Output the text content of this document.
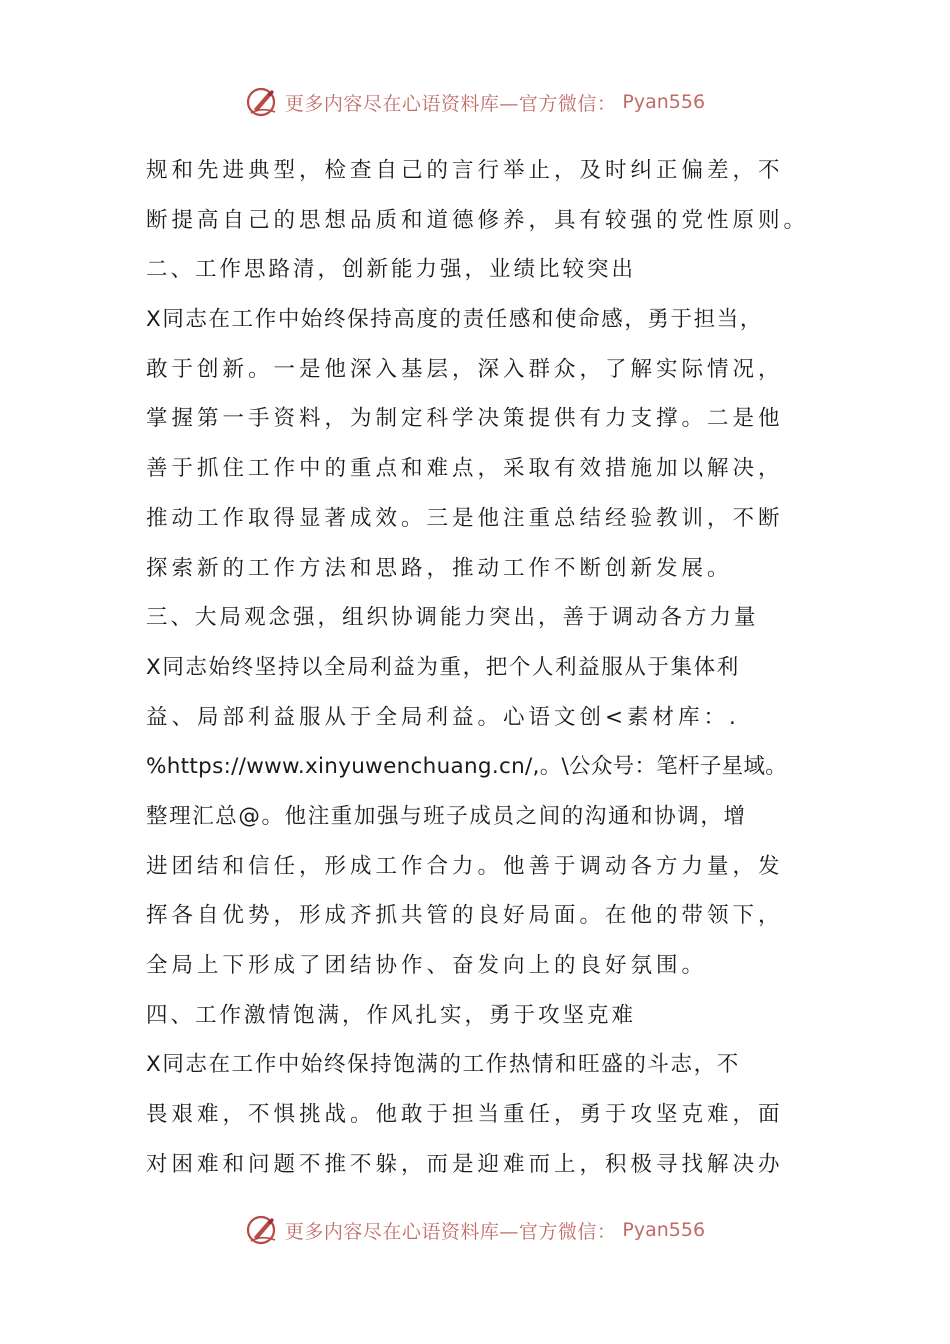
更多内容尽在心语资料库—官方微信： Pyan556
规和先进典型，检查自己的言行举止，及时纠正偏差，不
断提高自己的思想品质和道德修养，具有较强的党性原则。
二、工作思路清，创新能力强，业绩比较突出
X同志在工作中始终保持高度的责任感和使命感，勇于担当，
敢于创新。一是他深入基层，深入群众，了解实际情况，
掌握第一手资料，为制定科学决策提供有力支撑。二是他
善于抓住工作中的重点和难点，采取有效措施加以解决，
推动工作取得显著成效。三是他注重总结经验教训，不断
探索新的工作方法和思路，推动工作不断创新发展。
三、大局观念强，组织协调能力突出，善于调动各方力量
X同志始终坚持以全局利益为重，把个人利益服从于集体利
益、局部利益服从于全局利益。心语文创<素材库：.
%https://www.xinyuwenchuang.cn/,。\公众号：笔杆子星域。
整理汇总@。他注重加强与班子成员之间的沟通和协调，增
进团结和信任，形成工作合力。他善于调动各方力量，发
挥各自优势，形成齐抓共管的良好局面。在他的带领下，
全局上下形成了团结协作、奋发向上的良好氛围。
四、工作激情饱满，作风扎实，勇于攻坚克难
X同志在工作中始终保持饱满的工作热情和旺盛的斗志，不
畏艰难，不惧挑战。他敢于担当重任，勇于攻坚克难，面
对困难和问题不推不躲，而是迎难而上，积极寻找解决办
更多内容尽在心语资料库—官方微信： Pyan556
